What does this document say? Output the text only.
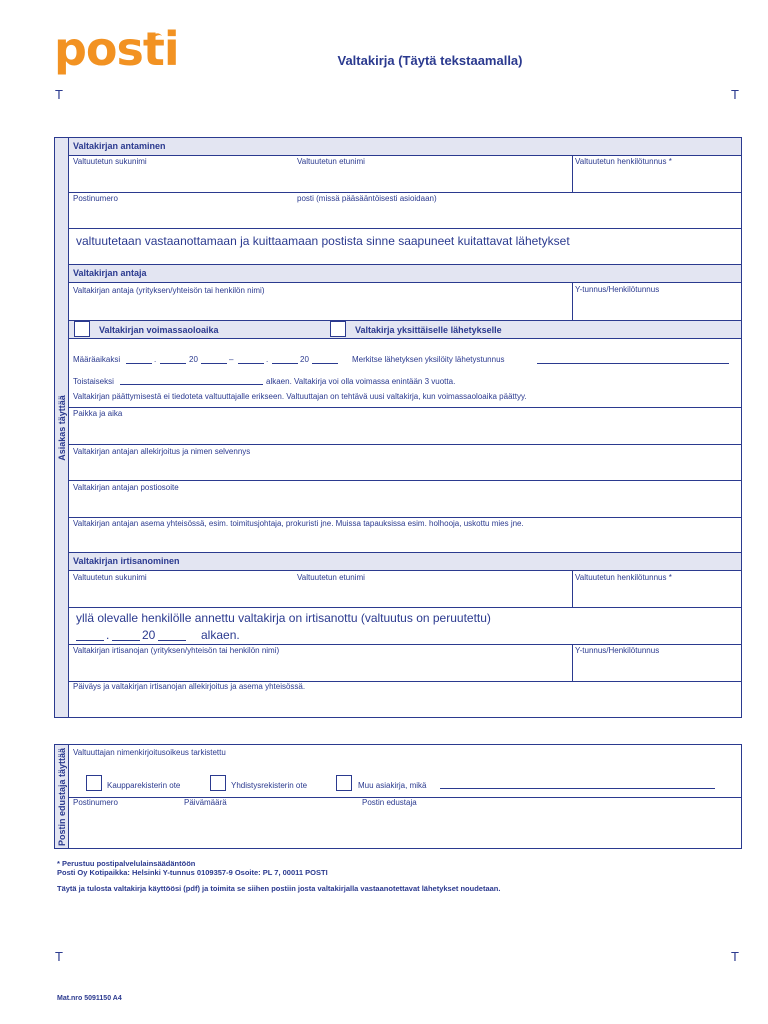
posti	Valtakirja (Täytä tekstaamalla)
T	T
Asiakas täyttää
Valtakirjan antaminen
Valtuutetun sukunimi	Valtuutetun etunimi	Valtuutetun henkilötunnus *
Postinumero	posti (missä pääsääntöisesti asioidaan)
valtuutetaan vastaanottamaan ja kuittaamaan postista sinne saapuneet kuitattavat lähetykset
Valtakirjan antaja
Valtakirjan antaja (yrityksen/yhteisön tai henkilön nimi)	Y-tunnus/Henkilötunnus
Valtakirjan voimassaoloaika	Valtakirja yksittäiselle lähetykselle
Määräaikaksi	.	20	–	.	20	Merkitse lähetyksen yksilöity lähetystunnus
Toistaiseksi	alkaen. Valtakirja voi olla voimassa enintään 3 vuotta.
Valtakirjan päättymisestä ei tiedoteta valtuuttajalle erikseen. Valtuuttajan on tehtävä uusi valtakirja, kun voimassaoloaika päättyy.
Paikka ja aika
Valtakirjan antajan allekirjoitus ja nimen selvennys
Valtakirjan antajan postiosoite
Valtakirjan antajan asema yhteisössä, esim. toimitusjohtaja, prokuristi jne. Muissa tapauksissa esim. holhooja, uskottu mies jne.
Valtakirjan irtisanominen
Valtuutetun sukunimi	Valtuutetun etunimi	Valtuutetun henkilötunnus *
yllä olevalle henkilölle annettu valtakirja on irtisanottu (valtuutus on peruutettu)
.	20	alkaen.
Valtakirjan irtisanojan (yrityksen/yhteisön tai henkilön nimi)	Y-tunnus/Henkilötunnus
Päiväys ja valtakirjan irtisanojan allekirjoitus ja asema yhteisössä.
Postin edustaja täyttää Valtuuttajan nimenkirjoitusoikeus tarkistettu
Kaupparekisterin ote	Yhdistysrekisterin ote	Muu asiakirja, mikä
Postinumero	Päivämäärä	Postin edustaja
* Perustuu postipalvelulainsäädäntöön
Posti Oy Kotipaikka: Helsinki Y-tunnus 0109357-9 Osoite: PL 7, 00011 POSTI
Täytä ja tulosta valtakirja käyttöösi (pdf) ja toimita se siihen postiin josta valtakirjalla vastaanotettavat lähetykset noudetaan.
T	T
Mat.nro 5091150 A4
